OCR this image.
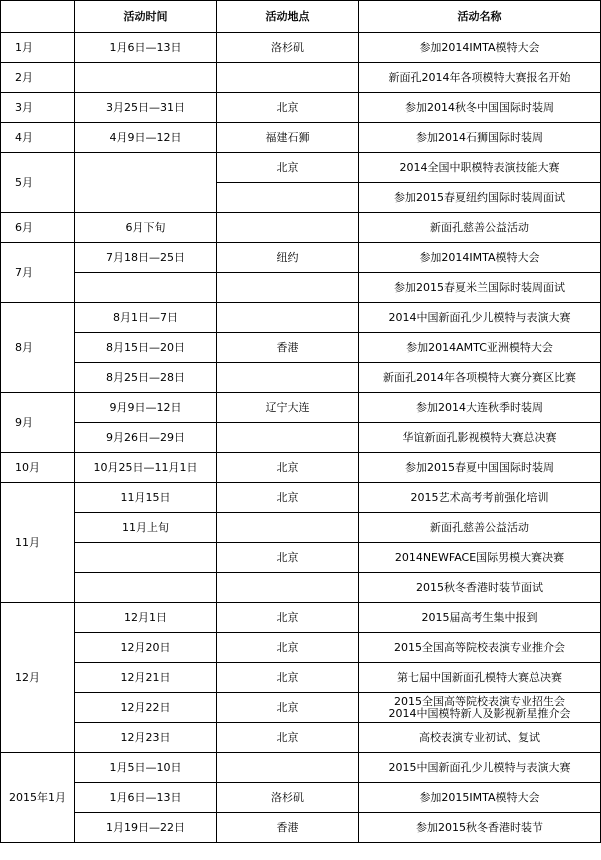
	活动时间	活动地点	活动名称
1月	1月6日—13日	洛杉矶	参加2014IMTA模特大会
2月			新面孔2014年各项模特大赛报名开始
3月	3月25日—31日	北京	参加2014秋冬中国国际时装周
4月	4月9日—12日	福建石狮	参加2014石狮国际时装周
5月		北京	2014全国中职模特表演技能大赛
			参加2015春夏纽约国际时装周面试
6月	6月下旬		新面孔慈善公益活动
7月	7月18日—25日	纽约	参加2014IMTA模特大会
			参加2015春夏米兰国际时装周面试
8月	8月1日—7日		2014中国新面孔少儿模特与表演大赛
	8月15日—20日	香港	参加2014AMTC亚洲模特大会
	8月25日—28日		新面孔2014年各项模特大赛分赛区比赛
9月	9月9日—12日	辽宁大连	参加2014大连秋季时装周
	9月26日—29日		华谊新面孔影视模特大赛总决赛
10月	10月25日—11月1日	北京	参加2015春夏中国国际时装周
11月	11月15日	北京	2015艺术高考考前强化培训
	11月上旬		新面孔慈善公益活动
		北京	2014NEWFACE国际男模大赛决赛
			2015秋冬香港时装节面试
12月	12月1日	北京	2015届高考生集中报到
	12月20日	北京	2015全国高等院校表演专业推介会
	12月21日	北京	第七届中国新面孔模特大赛总决赛
	12月22日	北京	2015全国高等院校表演专业招生会
2014中国模特新人及影视新星推介会

	12月23日	北京	高校表演专业初试、复试
2015年1月	1月5日—10日		2015中国新面孔少儿模特与表演大赛
	1月6日—13日	洛杉矶	参加2015IMTA模特大会
	1月19日—22日	香港	参加2015秋冬香港时装节
